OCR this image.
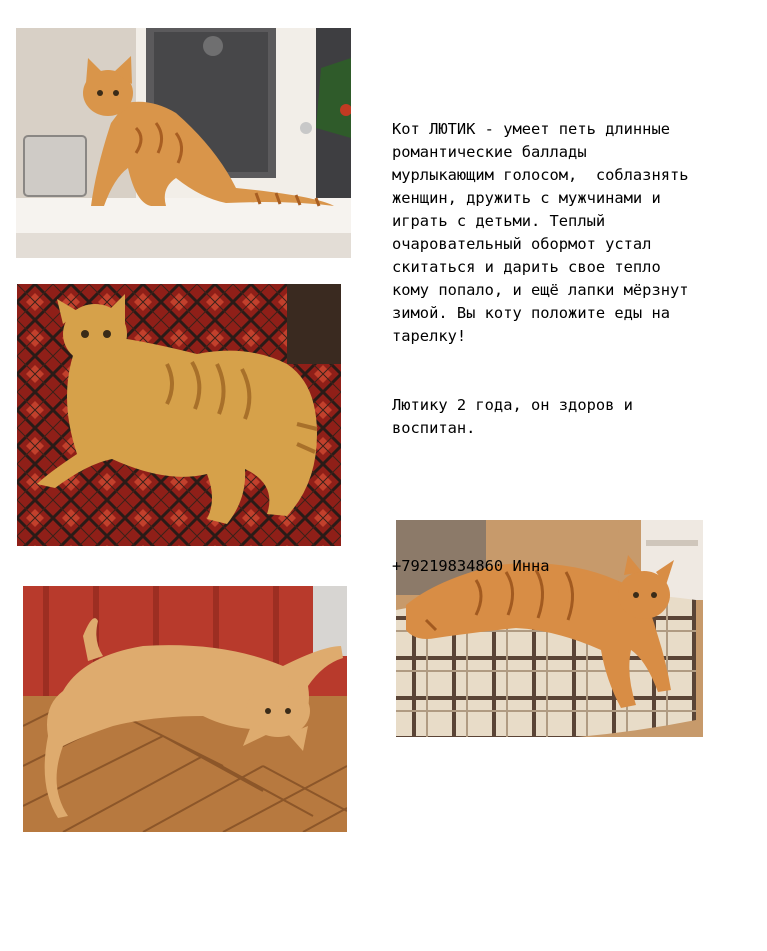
Кот ЛЮТИК - умеет петь длинные романтические баллады мурлыкающим голосом,  соблазнять женщин, дружить с мужчинами и играть с детьми. Теплый очаровательный обормот устал скитаться и дарить свое тепло кому попало, и ещё лапки мёрзнут зимой. Вы коту положите еды на тарелку!

Лютику 2 года, он здоров и воспитан.

+79219834860 Инна
